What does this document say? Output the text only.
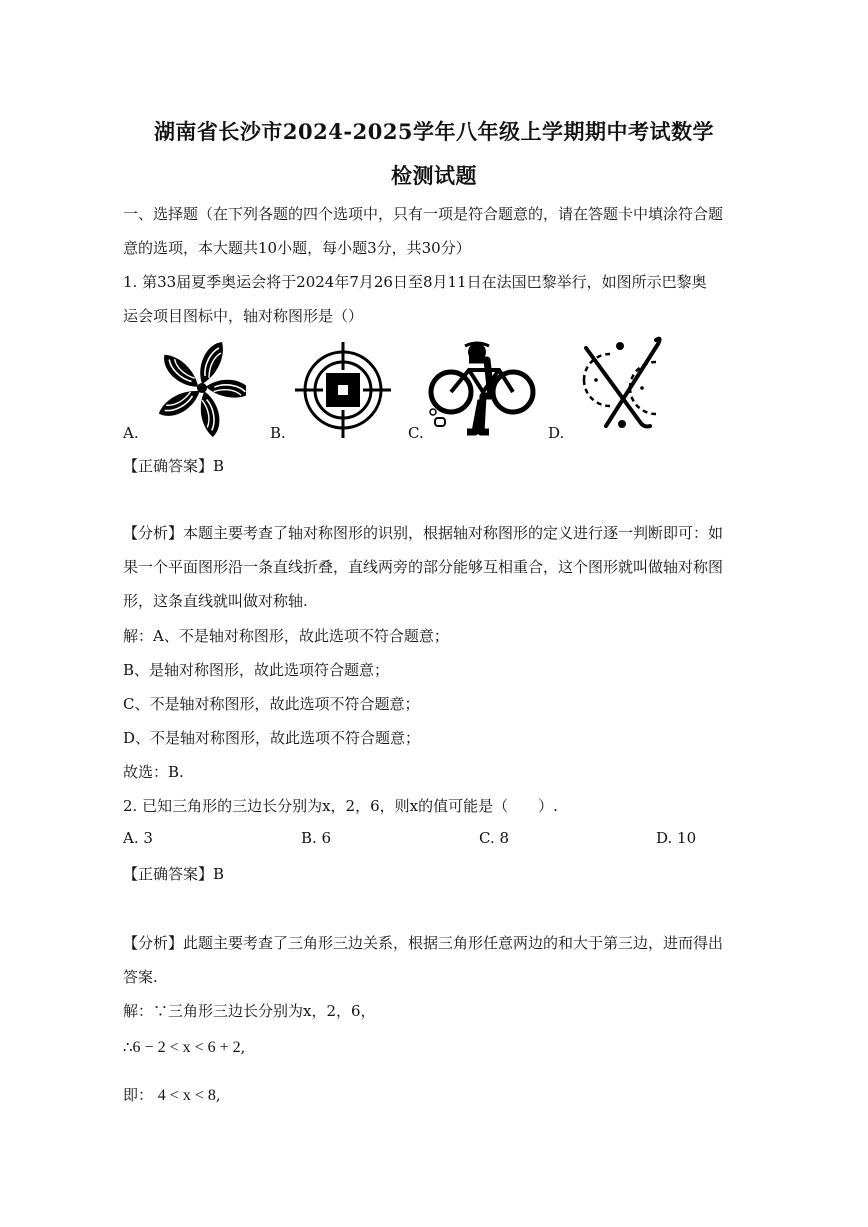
湖南省长沙市2024-2025学年八年级上学期期中考试数学
检测试题
一、选择题（在下列各题的四个选项中，只有一项是符合题意的，请在答题卡中填涂符合题
意的选项，本大题共10小题，每小题3分，共30分）
1. 第33届夏季奥运会将于2024年7月26日至8月11日在法国巴黎举行，如图所示巴黎奥
运会项目图标中，轴对称图形是（）
A.	B.	C.	D.
【正确答案】B
【分析】本题主要考查了轴对称图形的识别，根据轴对称图形的定义进行逐一判断即可：如
果一个平面图形沿一条直线折叠，直线两旁的部分能够互相重合，这个图形就叫做轴对称图
形，这条直线就叫做对称轴.
解：A、不是轴对称图形，故此选项不符合题意；
B、是轴对称图形，故此选项符合题意；
C、不是轴对称图形，故此选项不符合题意；
D、不是轴对称图形，故此选项不符合题意；
故选：B.
2. 已知三角形的三边长分别为x，2，6，则x的值可能是（　　）.
A. 3	B. 6	C. 8	D. 10
【正确答案】B
【分析】此题主要考查了三角形三边关系，根据三角形任意两边的和大于第三边，进而得出
答案.
解：∵三角形三边长分别为x，2，6，
∴6 − 2 < x < 6 + 2,
即： 4 < x < 8,
